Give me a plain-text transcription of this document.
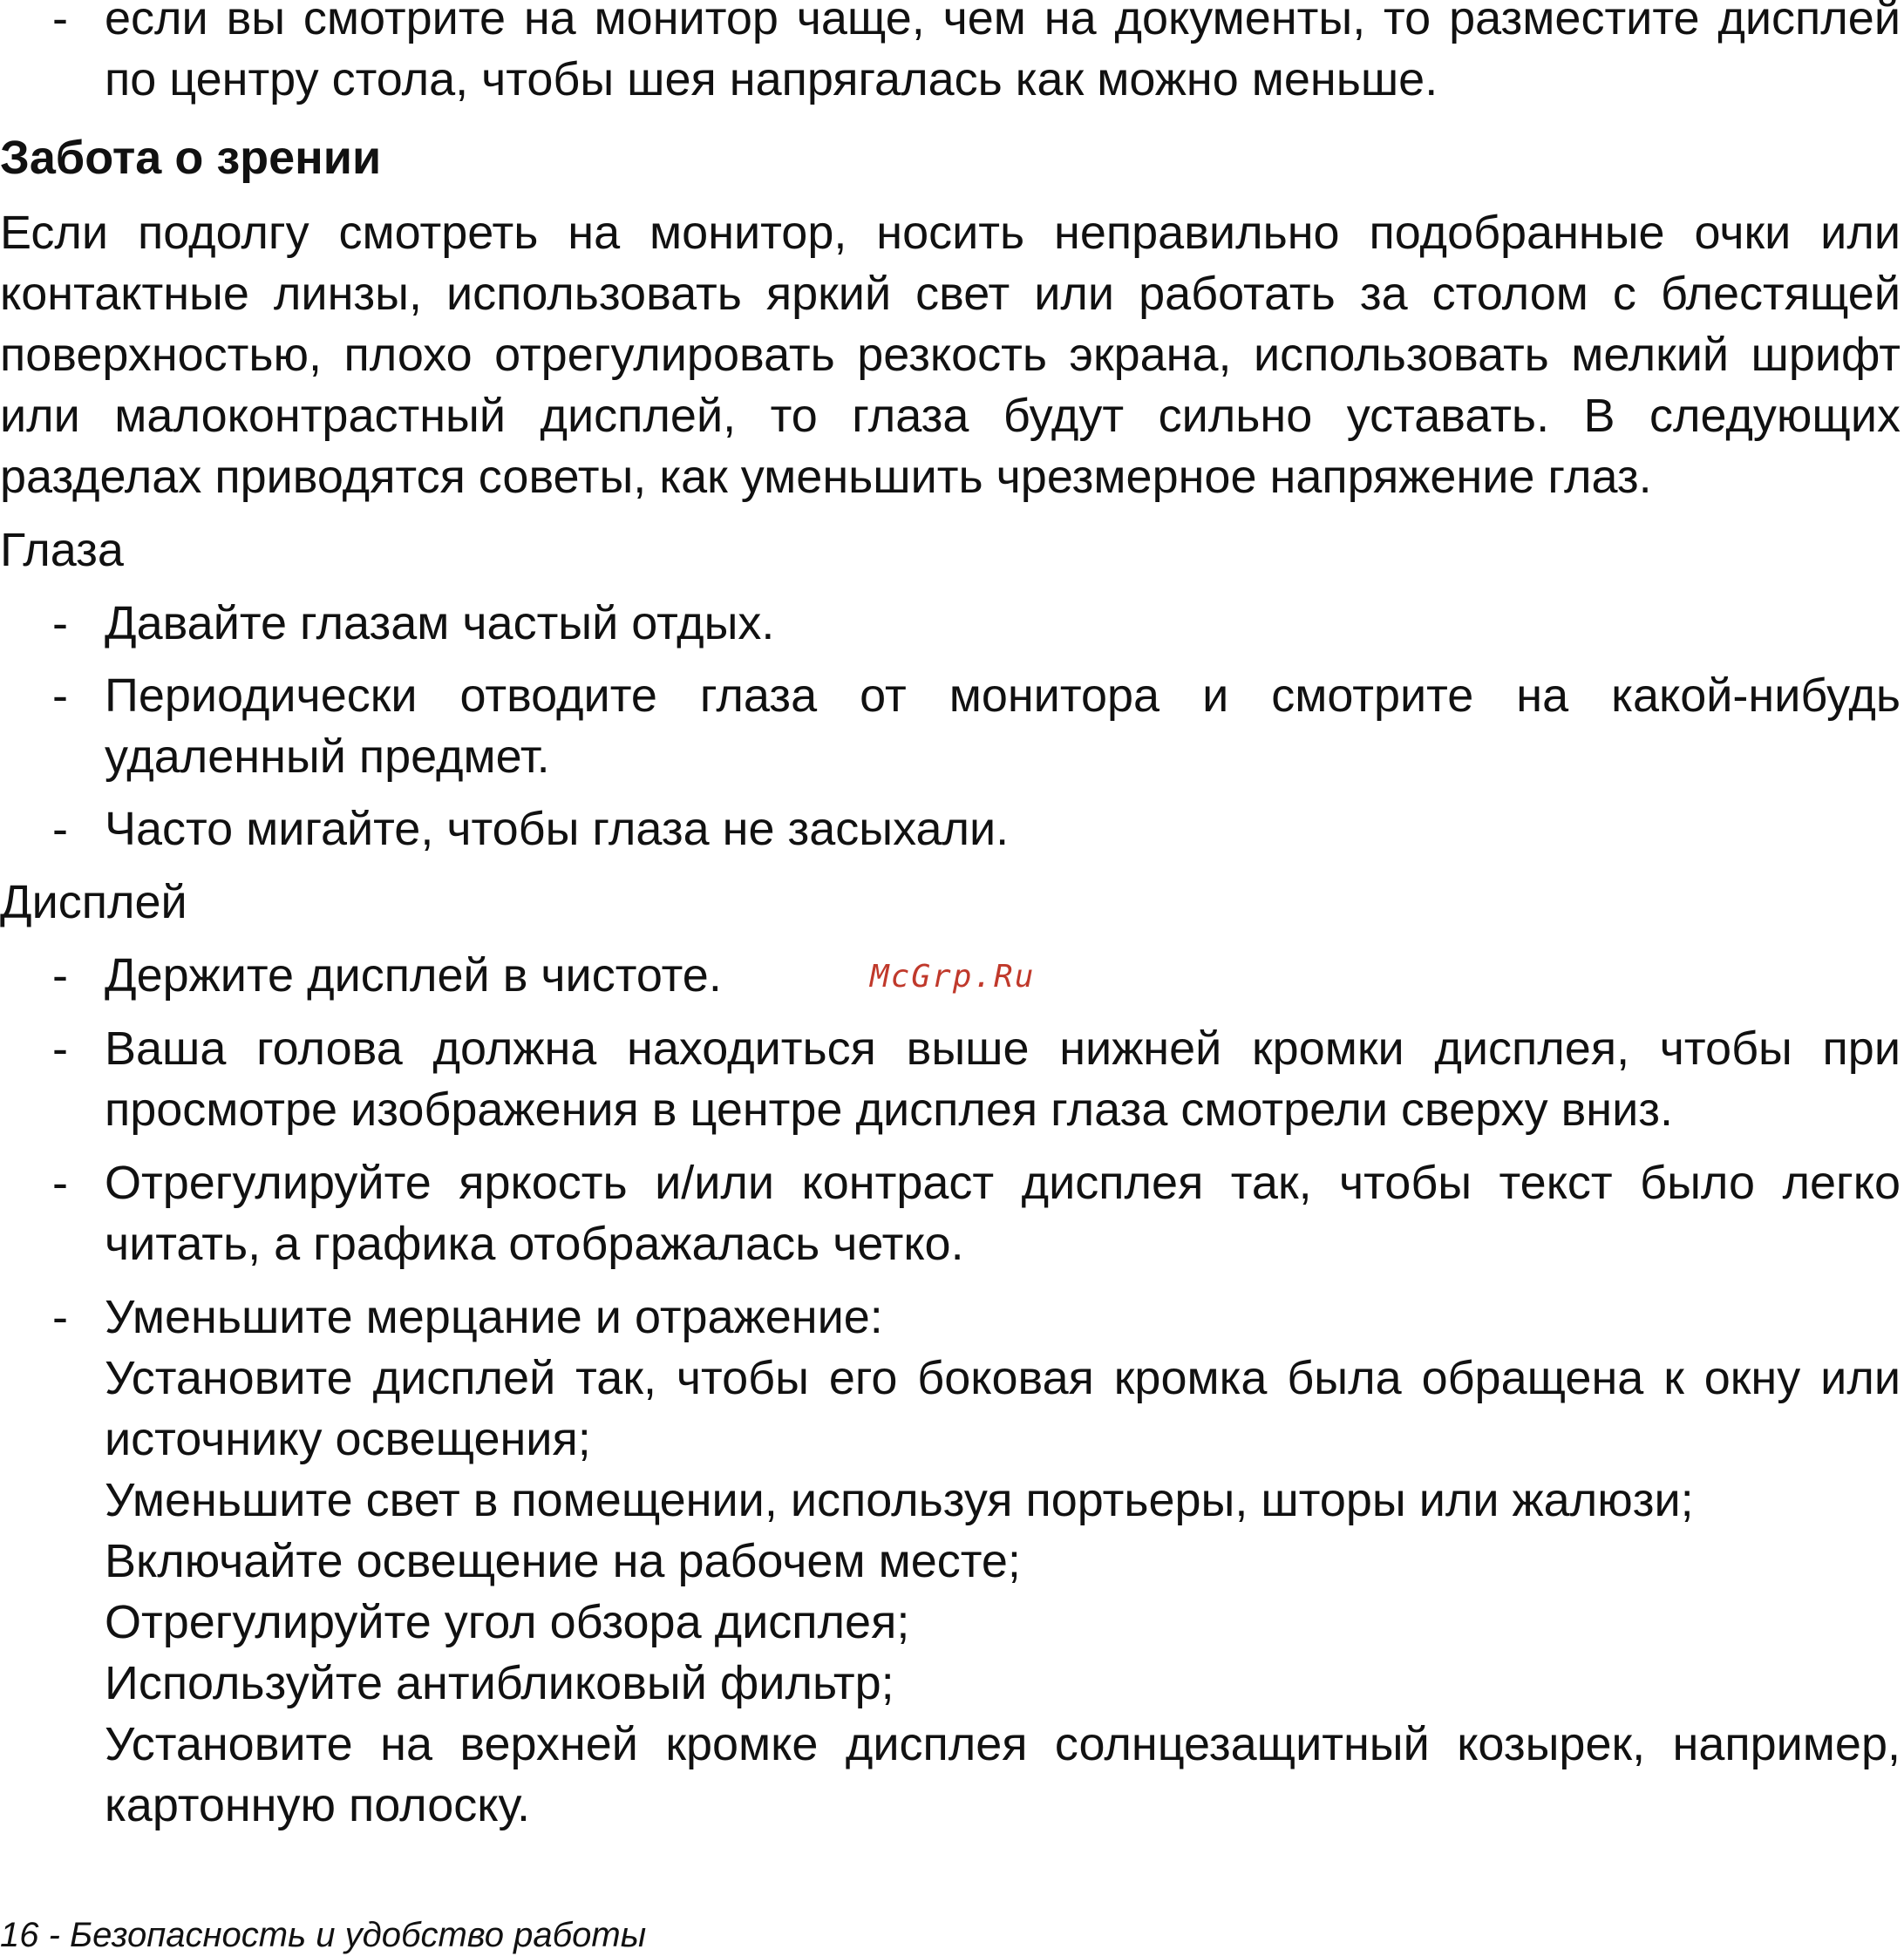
- если вы смотрите на монитор чаще, чем на документы, то разместите дисплей
по центру стола, чтобы шея напрягалась как можно меньше.
Забота о зрении
Если подолгу смотреть на монитор, носить неправильно подобранные очки или
контактные линзы, использовать яркий свет или работать за столом с блестящей
поверхностью, плохо отрегулировать резкость экрана, использовать мелкий шрифт
или малоконтрастный дисплей, то глаза будут сильно уставать. В следующих
разделах приводятся советы, как уменьшить чрезмерное напряжение глаз.
Глаза
- Давайте глазам частый отдых.
- Периодически отводите глаза от монитора и смотрите на какой-нибудь
удаленный предмет.
- Часто мигайте, чтобы глаза не засыхали.
Дисплей
- Держите дисплей в чистоте.
- Ваша голова должна находиться выше нижней кромки дисплея, чтобы при
просмотре изображения в центре дисплея глаза смотрели сверху вниз.
- Отрегулируйте яркость и/или контраст дисплея так, чтобы текст было легко
читать, а графика отображалась четко.
- Уменьшите мерцание и отражение:
Установите дисплей так, чтобы его боковая кромка была обращена к окну или
источнику освещения;
Уменьшите свет в помещении, используя портьеры, шторы или жалюзи;
Включайте освещение на рабочем месте;
Отрегулируйте угол обзора дисплея;
Используйте антибликовый фильтр;
Установите на верхней кромке дисплея солнцезащитный козырек, например,
картонную полоску.
McGrp.Ru
16 - Безопасность и удобство работы
